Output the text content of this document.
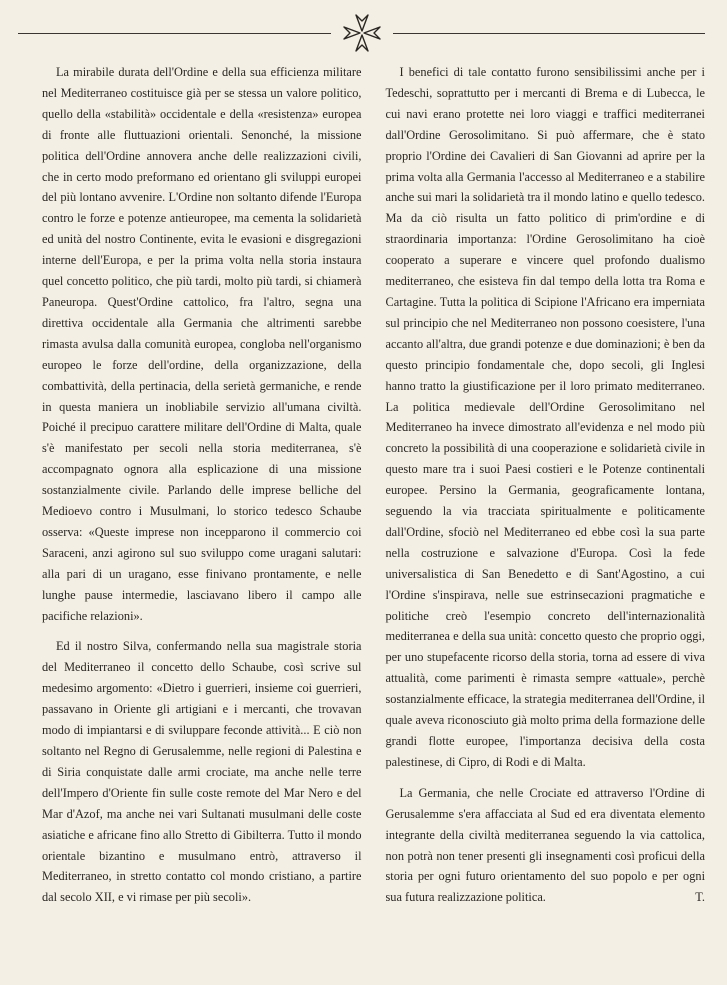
La mirabile durata dell'Ordine e della sua efficienza militare nel Mediterraneo costituisce già per se stessa un valore politico, quello della «stabilità» occidentale e della «resistenza» europea di fronte alle fluttuazioni orientali. Senonché, la missione politica dell'Ordine annovera anche delle realizzazioni civili, che in certo modo preformano ed orientano gli sviluppi europei del più lontano avvenire. L'Ordine non soltanto difende l'Europa contro le forze e potenze antieuropee, ma cementa la solidarietà ed unità del nostro Continente, evita le evasioni e disgregazioni interne dell'Europa, e per la prima volta nella storia instaura quel concetto politico, che più tardi, molto più tardi, si chiamerà Paneuropa. Quest'Ordine cattolico, fra l'altro, segna una direttiva occidentale alla Germania che altrimenti sarebbe rimasta avulsa dalla comunità europea, congloba nell'organismo europeo le forze dell'ordine, della organizzazione, della combattività, della pertinacia, della serietà germaniche, e rende in questa maniera un inobliabile servizio all'umana civiltà. Poiché il precipuo carattere militare dell'Ordine di Malta, quale s'è manifestato per secoli nella storia mediterranea, s'è accompagnato ognora alla esplicazione di una missione sostanzialmente civile. Parlando delle imprese belliche del Medioevo contro i Musulmani, lo storico tedesco Schaube osserva: «Queste imprese non incepparono il commercio coi Saraceni, anzi agirono sul suo sviluppo come uragani salutari: alla pari di un uragano, esse finivano prontamente, e nelle lunghe pause intermedie, lasciavano libero il campo alle pacifiche relazioni».

Ed il nostro Silva, confermando nella sua magistrale storia del Mediterraneo il concetto dello Schaube, così scrive sul medesimo argomento: «Dietro i guerrieri, insieme coi guerrieri, passavano in Oriente gli artigiani e i mercanti, che trovavan modo di impiantarsi e di sviluppare feconde attività... E ciò non soltanto nel Regno di Gerusalemme, nelle regioni di Palestina e di Siria conquistate dalle armi crociate, ma anche nelle terre dell'Impero d'Oriente fin sulle coste remote del Mar Nero e del Mar d'Azof, ma anche nei vari Sultanati musulmani delle coste asiatiche e africane fino allo Stretto di Gibilterra. Tutto il mondo orientale bizantino e musulmano entrò, attraverso il Mediterraneo, in stretto contatto col mondo cristiano, a partire dal secolo XII, e vi rimase per più secoli».

I benefici di tale contatto furono sensibilissimi anche per i Tedeschi, soprattutto per i mercanti di Brema e di Lubecca, le cui navi erano protette nei loro viaggi e traffici mediterranei dall'Ordine Gerosolimitano. Si può affermare, che è stato proprio l'Ordine dei Cavalieri di San Giovanni ad aprire per la prima volta alla Germania l'accesso al Mediterraneo e a stabilire anche sui mari la solidarietà tra il mondo latino e quello tedesco. Ma da ciò risulta un fatto politico di prim'ordine e di straordinaria importanza: l'Ordine Gerosolimitano ha cioè cooperato a superare e vincere quel profondo dualismo mediterraneo, che esisteva fin dal tempo della lotta tra Roma e Cartagine. Tutta la politica di Scipione l'Africano era imperniata sul principio che nel Mediterraneo non possono coesistere, l'una accanto all'altra, due grandi potenze e due dominazioni; è ben da questo principio fondamentale che, dopo secoli, gli Inglesi hanno tratto la giustificazione per il loro primato mediterraneo. La politica medievale dell'Ordine Gerosolimitano nel Mediterraneo ha invece dimostrato all'evidenza e nel modo più concreto la possibilità di una cooperazione e solidarietà civile in questo mare tra i suoi Paesi costieri e le Potenze continentali europee. Persino la Germania, geograficamente lontana, seguendo la via tracciata spiritualmente e politicamente dall'Ordine, sfociò nel Mediterraneo ed ebbe così la sua parte nella costruzione e salvazione d'Europa. Così la fede universalistica di San Benedetto e di Sant'Agostino, a cui l'Ordine s'inspirava, nelle sue estrinsecazioni pragmatiche e politiche creò l'esempio concreto dell'internazionalità mediterranea e della sua unità: concetto questo che proprio oggi, per uno stupefacente ricorso della storia, torna ad essere di viva attualità, come parimenti è rimasta sempre «attuale», perchè sostanzialmente efficace, la strategia mediterranea dell'Ordine, il quale aveva riconosciuto già molto prima della formazione delle grandi flotte europee, l'importanza decisiva della costa palestinese, di Cipro, di Rodi e di Malta.

La Germania, che nelle Crociate ed attraverso l'Ordine di Gerusalemme s'era affacciata al Sud ed era diventata elemento integrante della civiltà mediterranea seguendo la via cattolica, non potrà non tener presenti gli insegnamenti così proficui della storia per ogni futuro orientamento del suo popolo e per ogni sua futura realizzazione politica.	T.
